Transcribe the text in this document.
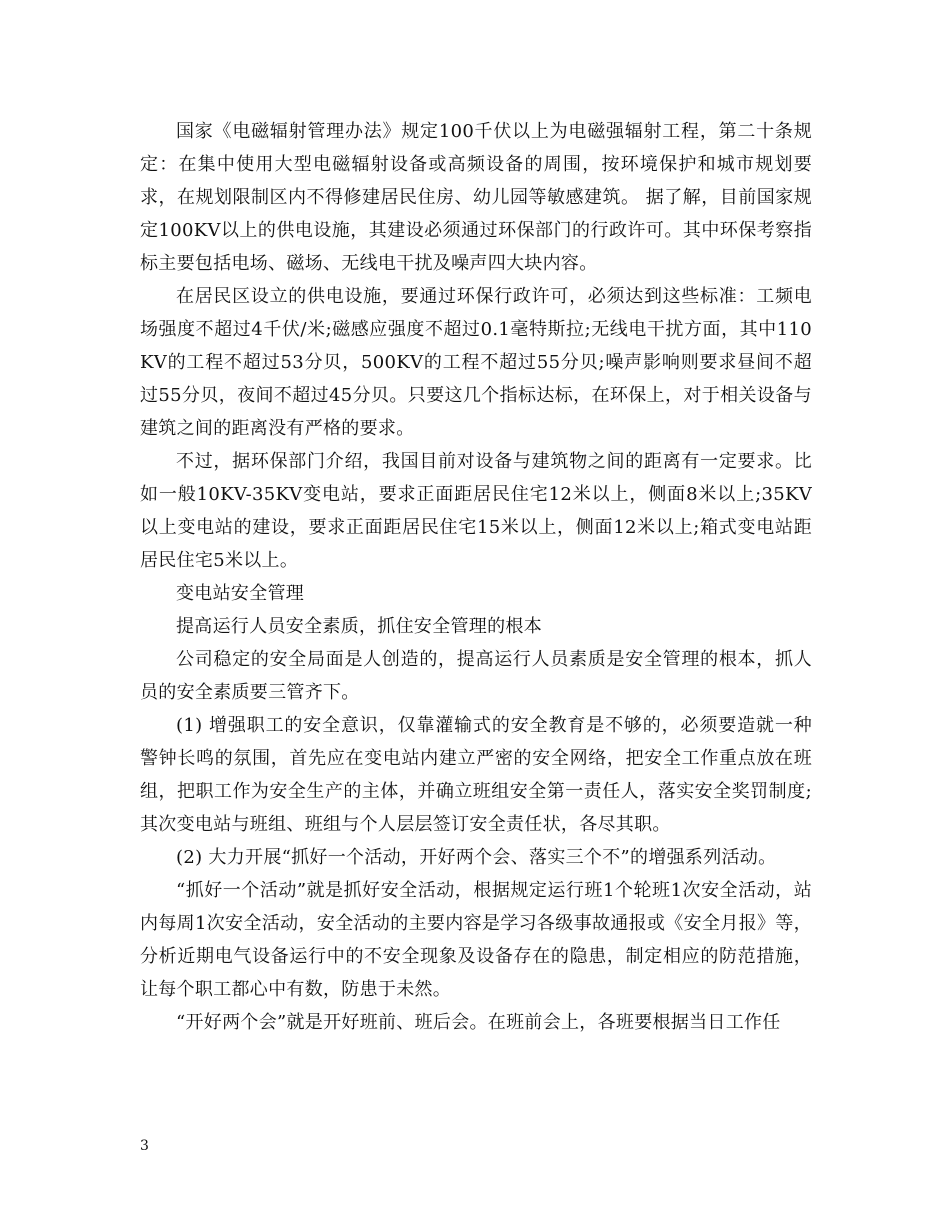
国家《电磁辐射管理办法》规定100千伏以上为电磁强辐射工程，第二十条规定：在集中使用大型电磁辐射设备或高频设备的周围，按环境保护和城市规划要求，在规划限制区内不得修建居民住房、幼儿园等敏感建筑。 据了解，目前国家规定100KV以上的供电设施，其建设必须通过环保部门的行政许可。其中环保考察指标主要包括电场、磁场、无线电干扰及噪声四大块内容。

在居民区设立的供电设施，要通过环保行政许可，必须达到这些标准：工频电场强度不超过4千伏/米;磁感应强度不超过0.1毫特斯拉;无线电干扰方面，其中110KV的工程不超过53分贝，500KV的工程不超过55分贝;噪声影响则要求昼间不超过55分贝，夜间不超过45分贝。只要这几个指标达标，在环保上，对于相关设备与建筑之间的距离没有严格的要求。

不过，据环保部门介绍，我国目前对设备与建筑物之间的距离有一定要求。比如一般10KV-35KV变电站，要求正面距居民住宅12米以上，侧面8米以上;35KV以上变电站的建设，要求正面距居民住宅15米以上，侧面12米以上;箱式变电站距居民住宅5米以上。

变电站安全管理

提高运行人员安全素质，抓住安全管理的根本

公司稳定的安全局面是人创造的，提高运行人员素质是安全管理的根本，抓人员的安全素质要三管齐下。

(1) 增强职工的安全意识，仅靠灌输式的安全教育是不够的，必须要造就一种警钟长鸣的氛围，首先应在变电站内建立严密的安全网络，把安全工作重点放在班组，把职工作为安全生产的主体，并确立班组安全第一责任人，落实安全奖罚制度;其次变电站与班组、班组与个人层层签订安全责任状，各尽其职。

(2) 大力开展“抓好一个活动，开好两个会、落实三个不”的增强系列活动。

“抓好一个活动”就是抓好安全活动，根据规定运行班1个轮班1次安全活动，站内每周1次安全活动，安全活动的主要内容是学习各级事故通报或《安全月报》等，分析近期电气设备运行中的不安全现象及设备存在的隐患，制定相应的防范措施，让每个职工都心中有数，防患于未然。

“开好两个会”就是开好班前、班后会。在班前会上，各班要根据当日工作任

3
